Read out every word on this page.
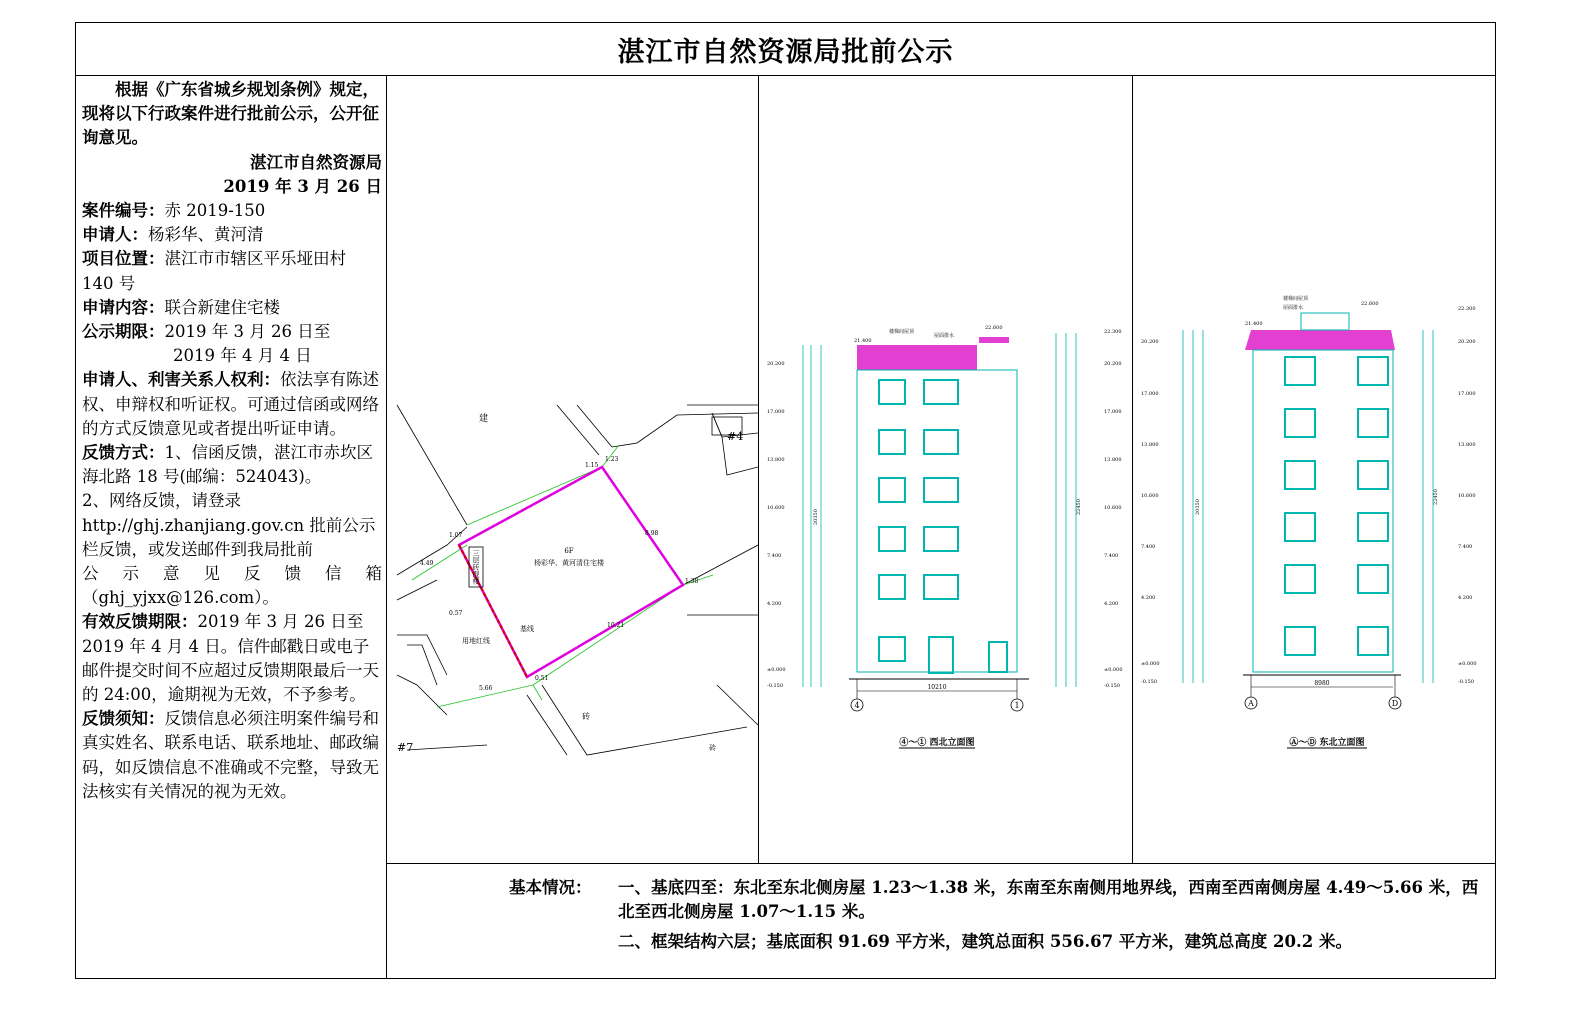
湛江市自然资源局批前公示

根据《广东省城乡规划条例》规定，现将以下行政案件进行批前公示，公开征询意见。

湛江市自然资源局

2019 年 3 月 26 日

案件编号：赤 2019-150

申请人：杨彩华、黄河清

项目位置：湛江市市辖区平乐垭田村 140 号

申请内容：联合新建住宅楼

公示期限：2019 年 3 月 26 日至

2019 年 4 月 4 日

申请人、利害关系人权利：依法享有陈述权、申辩权和听证权。可通过信函或网络的方式反馈意见或者提出听证申请。

反馈方式：1、信函反馈，湛江市赤坎区海北路 18 号(邮编：524043)。

2、网络反馈，请登录

http://ghj.zhanjiang.gov.cn 批前公示栏反馈，或发送邮件到我局批前

公 示 意 见 反 馈 信 箱

（ghj_yjxx@126.com）。

有效反馈期限：2019 年 3 月 26 日至 2019 年 4 月 4 日。信件邮戳日或电子邮件提交时间不应超过反馈期限最后一天的 24:00，逾期视为无效，不予参考。

反馈须知：反馈信息必须注明案件编号和真实姓名、联系电话、联系地址、邮政编码，如反馈信息不准确或不完整，导致无法核实有关情况的视为无效。

三层砖混楼	6F
杨彩华、黄河清住宅楼
建
#4
#7
砖
砖
基线
用地红线
1.23
1.15
1.07
4.49
0.57
5.66
1.38
8.98
10.21
0.51
21.400
22.600
楼梯间屋顶
屋面排水
20.200
17.000
13.800
10.600
7.400
4.200
±0.000
-0.150
22.300
20.200
17.000
13.800
10.600
7.400
4.200
±0.000
-0.150
20350
22450
10210
4	1
④～① 西北立面图
21.400
22.600
楼梯间屋顶
屋面排水
20.200
17.000
13.800
10.600
7.400
4.200
±0.000
-0.150
22.300
20.200
17.000
13.800
10.600
7.400
4.200
±0.000
-0.150
20350
22450
8980
A	D
Ⓐ～Ⓓ 东北立面图
基本情况： 一、基底四至：东北至东北侧房屋 1.23～1.38 米，东南至东南侧用地界线，西南至西南侧房屋 4.49～5.66 米，西北至西北侧房屋 1.07～1.15 米。

二、框架结构六层；基底面积 91.69 平方米，建筑总面积 556.67 平方米，建筑总高度 20.2 米。
